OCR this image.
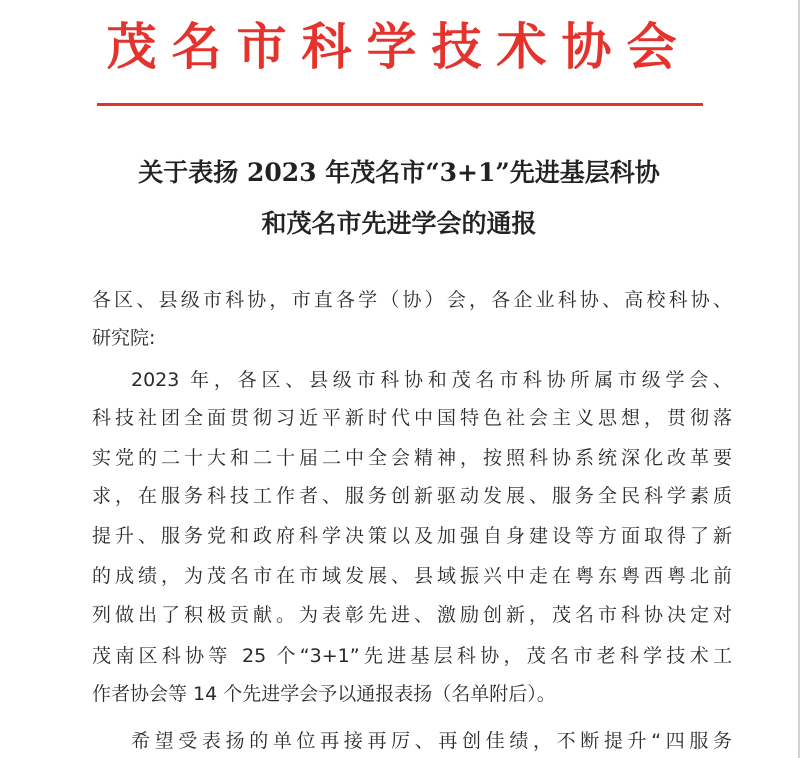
茂名市科学技术协会
关于表扬 2023 年茂名市“3+1”先进基层科协
和茂名市先进学会的通报
各区、县级市科协，市直各学（协）会，各企业科协、高校科协、
研究院:
2023 年，各区、县级市科协和茂名市科协所属市级学会、
科技社团全面贯彻习近平新时代中国特色社会主义思想，贯彻落
实党的二十大和二十届二中全会精神，按照科协系统深化改革要
求，在服务科技工作者、服务创新驱动发展、服务全民科学素质
提升、服务党和政府科学决策以及加强自身建设等方面取得了新
的成绩，为茂名市在市域发展、县域振兴中走在粤东粤西粤北前
列做出了积极贡献。为表彰先进、激励创新，茂名市科协决定对
茂南区科协等 25 个“3+1”先进基层科协，茂名市老科学技术工
作者协会等 14 个先进学会予以通报表扬（名单附后）。
希望受表扬的单位再接再厉、再创佳绩，不断提升“四服务
